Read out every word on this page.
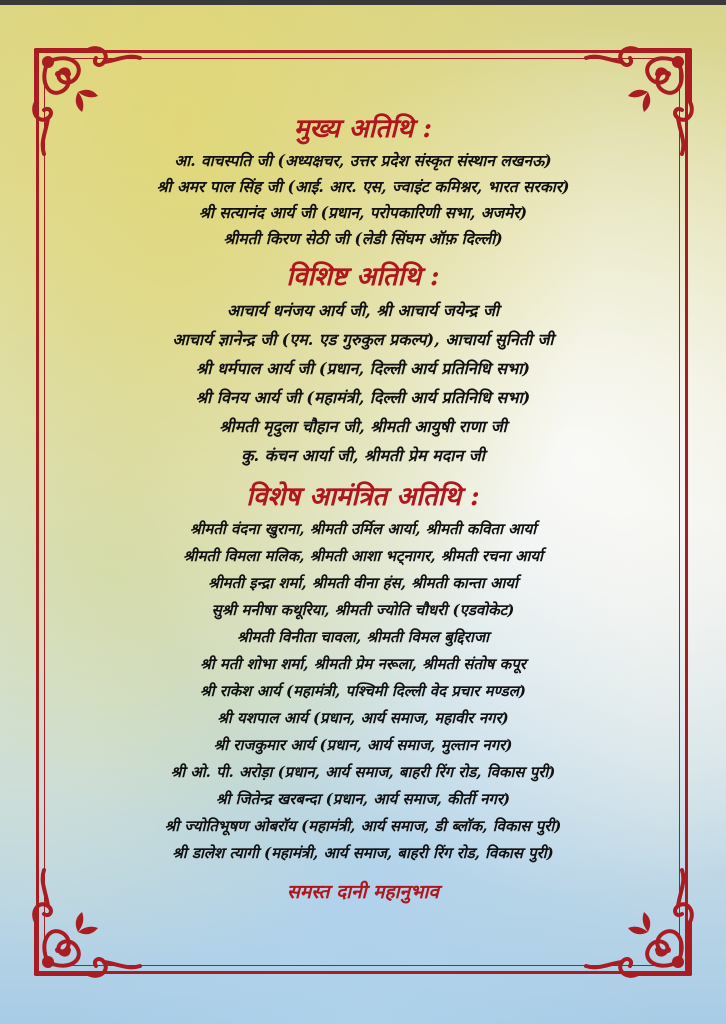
मुख्य अतिथि :

आ. वाचस्पति जी (अध्यक्षचर, उत्तर प्रदेश संस्कृत संस्थान लखनऊ)

श्री अमर पाल सिंह जी (आई. आर. एस, ज्वाइंट कमिश्नर, भारत सरकार)

श्री सत्यानंद आर्य जी (प्रधान, परोपकारिणी सभा, अजमेर)

श्रीमती किरण सेठी जी (लेडी सिंघम ऑफ़ दिल्ली)

विशिष्ट अतिथि :

आचार्य धनंजय आर्य जी, श्री आचार्य जयेन्द्र जी

आचार्य ज्ञानेन्द्र जी (एम. एड गुरुकुल प्रकल्प), आचार्या सुनिती जी

श्री धर्मपाल आर्य जी (प्रधान, दिल्ली आर्य प्रतिनिधि सभा)

श्री विनय आर्य जी (महामंत्री, दिल्ली आर्य प्रतिनिधि सभा)

श्रीमती मृदुला चौहान जी, श्रीमती आयुषी राणा जी

कु. कंचन आर्या जी, श्रीमती प्रेम मदान जी

विशेष आमंत्रित अतिथि :

श्रीमती वंदना खुराना, श्रीमती उर्मिल आर्या, श्रीमती कविता आर्या

श्रीमती विमला मलिक, श्रीमती आशा भट्नागर, श्रीमती रचना आर्या

श्रीमती इन्द्रा शर्मा, श्रीमती वीना हंस, श्रीमती कान्ता आर्या

सुश्री मनीषा कथूरिया, श्रीमती ज्योति चौधरी (एडवोकेट)

श्रीमती विनीता चावला, श्रीमती विमल बुद्दिराजा

श्री मती शोभा शर्मा, श्रीमती प्रेम नरूला, श्रीमती संतोष कपूर

श्री राकेश आर्य (महामंत्री, पश्चिमी दिल्ली वेद प्रचार मण्डल)

श्री यशपाल आर्य (प्रधान, आर्य समाज, महावीर नगर)

श्री राजकुमार आर्य (प्रधान, आर्य समाज, मुल्तान नगर)

श्री ओ. पी. अरोड़ा (प्रधान, आर्य समाज, बाहरी रिंग रोड, विकास पुरी)

श्री जितेन्द्र खरबन्दा (प्रधान, आर्य समाज, कीर्ती नगर)

श्री ज्योतिभूषण ओबरॉय (महामंत्री, आर्य समाज, डी ब्लॉक, विकास पुरी)

श्री डालेश त्यागी (महामंत्री, आर्य समाज, बाहरी रिंग रोड, विकास पुरी)

समस्त दानी महानुभाव
